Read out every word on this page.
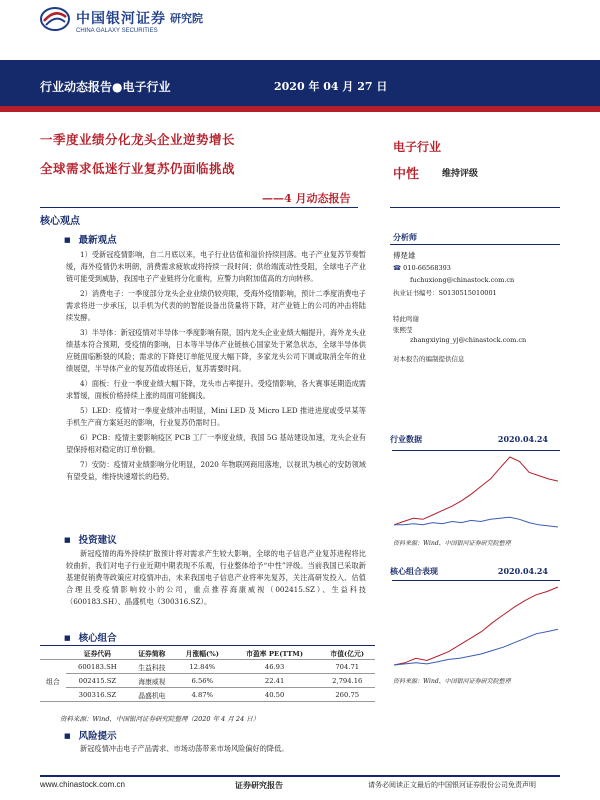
中国银河证券
CHINA GALAXY SECURITIES
研究院
行业动态报告●电子行业	2020 年 04 月 27 日
一季度业绩分化龙头企业逆势增长
全球需求低迷行业复苏仍面临挑战
——4 月动态报告
电子行业
中性	维持评级
核心观点
■ 最新观点

1）受新冠疫情影响，自二月底以来，电子行业估值和溢价持续回落。电子产业复苏节奏暂缓，海外疫情仍未明朗，消费需求疲软或将持续一段时间；供给端流动性受阻，全球电子产业链可能受到威胁，我国电子产业链将分化重构，应警力向附加值高的方向转移。

2）消费电子：一季度部分龙头企业业绩仍较亮眼，受海外疫情影响，预计二季度消费电子需求将进一步承压，以手机为代表的的智能设备出货量将下降，对产业链上的公司的冲击将陆续发酵。

3）半导体：新冠疫情对半导体一季度影响有限，国内龙头企业业绩大幅提升，海外龙头业绩基本符合预期，受疫情的影响，日本等半导体产业链核心国家处于紧急状态，全球半导体供应链面临断裂的风险；需求的下降使订单能见度大幅下降，多家龙头公司下调或取消全年的业绩展望，半导体产业的复苏值或将延后，复苏需要时间。

4）面板：行业一季度业绩大幅下降，龙头市占率提升。受疫情影响，各大赛事延期造成需求暂缓，面板价格持续上涨的局面可能搁浅。

5）LED：疫情对一季度业绩冲击明显，Mini LED 及 Micro LED 推进进度或受早某等手机生产商方案延迟的影响，行业复苏仍需时日。

6）PCB：疫情主要影响疫区 PCB 工厂一季度业绩，我国 5G 基站建设加速，龙头企业有望保持相对稳定的订单份额。

7）安防：疫情对业绩影响分化明显，2020 年物联网商用落地，以视讯为核心的安防领域有望受益，维持快速增长的趋势。

■ 投资建议

新冠疫情的海外持续扩散预计将对需求产生较大影响，全球的电子信息产业复苏进程将比较曲折，我们对电子行业近期中期表现不乐观，行业整体给予“中性”评级。当前我国已采取新基建促销费等政策应对疫情冲击，未来我国电子信息产业将率先复苏，关注高研发投入、估值合理且受疫情影响较小的公司，重点推荐海康威视（002415.SZ）、生益科技（600183.SH）、晶盛机电（300316.SZ）。

■ 核心组合
	证券代码	证券简称	月涨幅(%)	市盈率 PE(TTM)	市值(亿元)
组合	600183.SH	生益科技	12.84%	46.93	704.71
	002415.SZ	海康威视	6.56%	22.41	2,794.16
	300316.SZ	晶盛机电	4.87%	40.50	260.75
资料来源：Wind，中国银河证券研究院整理（2020 年 4 月 24 日）
■ 风险提示

新冠疫情冲击电子产品需求、市场动荡带来市场风险偏好的降低。

分析师
傅楚雄
☎ 010-66568393
fuchuxiong@chinastock.com.cn
执业证书编号：S0130515010001
特此鸣谢
张熙莹
zhangxiying_yj@chinastock.com.cn
对本报告的编制提供信息
行业数据	2020.04.24
资料来源：Wind、中国银河证券研究院整理
核心组合表现	2020.04.24
资料来源：Wind、中国银河证券研究院整理
www.chinastock.com.cn	证券研究报告	请务必阅读正文最后的中国银河证券股份公司免责声明
